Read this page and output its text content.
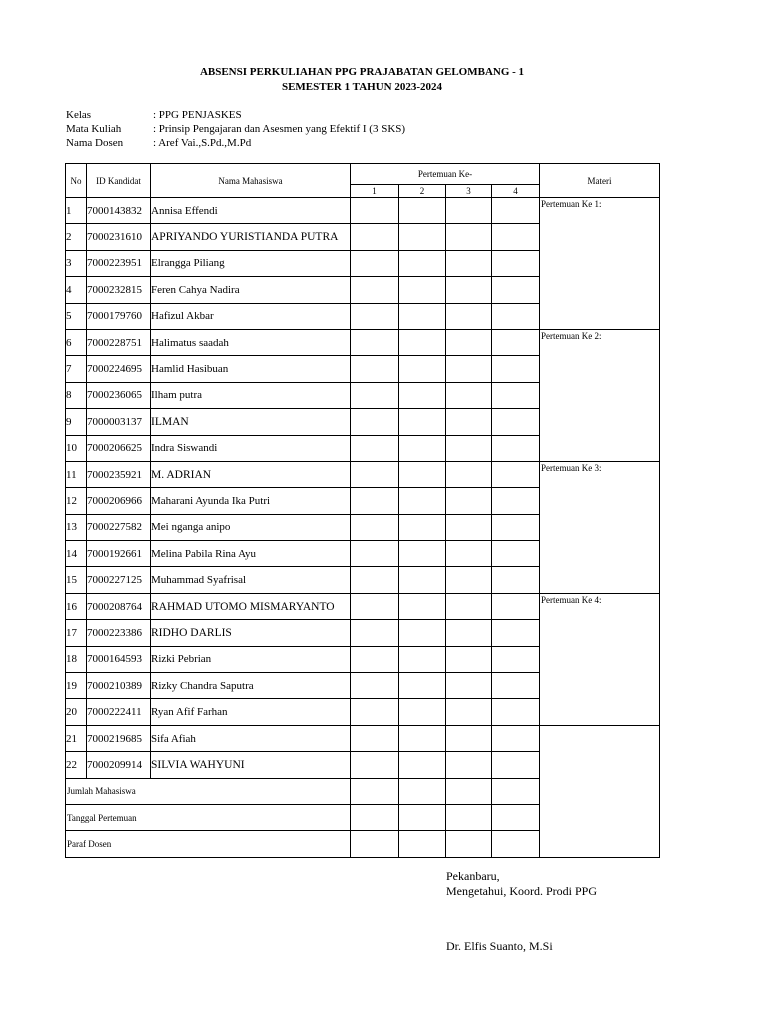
ABSENSI PERKULIAHAN PPG PRAJABATAN GELOMBANG - 1
SEMESTER 1 TAHUN 2023-2024
Kelas	: PPG PENJASKES
Mata Kuliah	: Prinsip Pengajaran dan Asesmen yang Efektif I (3 SKS)
Nama Dosen	: Aref Vai.,S.Pd.,M.Pd
No	ID Kandidat	Nama Mahasiswa	Pertemuan Ke-				Materi
			1	2	3	4	
1	7000143832	Annisa Effendi					Pertemuan Ke 1:
2	7000231610	APRIYANDO YURISTIANDA PUTRA					
3	7000223951	Elrangga Piliang					
4	7000232815	Feren Cahya Nadira					
5	7000179760	Hafizul Akbar					
6	7000228751	Halimatus saadah					Pertemuan Ke 2:
7	7000224695	Hamlid Hasibuan					
8	7000236065	Ilham putra					
9	7000003137	ILMAN					
10	7000206625	Indra Siswandi					
11	7000235921	M. ADRIAN					Pertemuan Ke 3:
12	7000206966	Maharani Ayunda Ika Putri					
13	7000227582	Mei nganga anipo					
14	7000192661	Melina Pabila Rina Ayu					
15	7000227125	Muhammad Syafrisal					
16	7000208764	RAHMAD UTOMO MISMARYANTO					Pertemuan Ke 4:
17	7000223386	RIDHO DARLIS					
18	7000164593	Rizki Pebrian					
19	7000210389	Rizky Chandra Saputra					
20	7000222411	Ryan Afif Farhan					
21	7000219685	Sifa Afiah					
22	7000209914	SILVIA WAHYUNI					
Jumlah Mahasiswa							
Tanggal Pertemuan							
Paraf Dosen							
Pekanbaru,
Mengetahui, Koord. Prodi PPG
Dr. Elfis Suanto, M.Si
